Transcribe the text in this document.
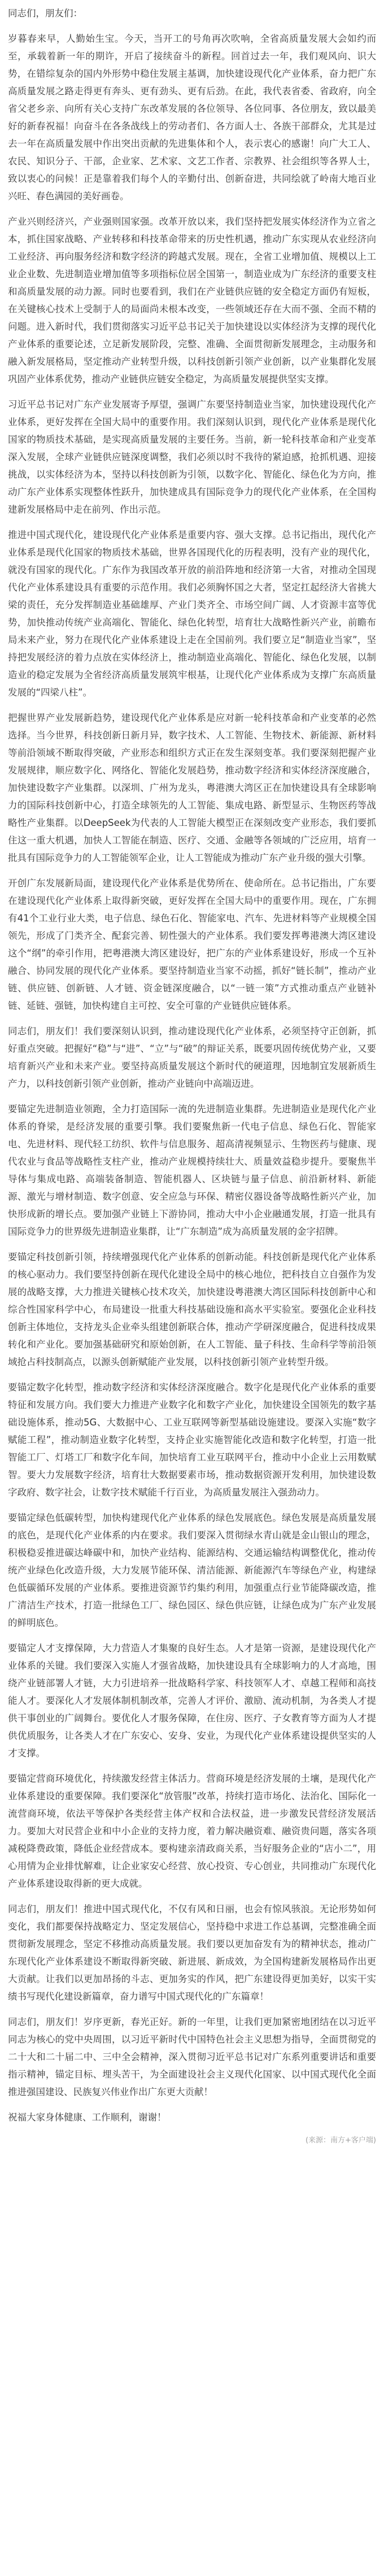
同志们，朋友们：

岁暮春来早，人勤始生宝。今天，当开工的号角再次吹响，全省高质量发展大会如约而至，承载着新一年的期许，开启了接续奋斗的新程。回首过去一年，我们观风向、识大势，在错综复杂的国内外形势中稳住发展主基调，加快建设现代化产业体系，奋力把广东高质量发展之路走得更有奔头、更有劲头、更有后劲。在此，我代表省委、省政府，向全省父老乡亲、向所有关心支持广东改革发展的各位领导、各位同事、各位朋友，致以最美好的新春祝福！向奋斗在各条战线上的劳动者们、各方面人士、各族干部群众，尤其是过去一年在高质量发展中作出突出贡献的先进集体和个人，表示衷心的感谢！向广大工人、农民、知识分子、干部，企业家、艺术家、文艺工作者、宗教界、社会组织等各界人士，致以衷心的问候！正是靠着我们每个人的辛勤付出、创新奋进，共同绘就了岭南大地百业兴旺、春色满园的美好画卷。

产业兴则经济兴，产业强则国家强。改革开放以来，我们坚持把发展实体经济作为立省之本，抓住国家战略、产业转移和科技革命带来的历史性机遇，推动广东实现从农业经济向工业经济、再向服务经济和数字经济的跨越式发展。现在，全省工业增加值、规模以上工业企业数、先进制造业增加值等多项指标位居全国第一，制造业成为广东经济的重要支柱和高质量发展的动力源。同时也要看到，我们在产业链供应链的安全稳定方面仍有短板，在关键核心技术上受制于人的局面尚未根本改变，一些领域还存在大而不强、全而不精的问题。进入新时代，我们贯彻落实习近平总书记关于加快建设以实体经济为支撑的现代化产业体系的重要论述，立足新发展阶段，完整、准确、全面贯彻新发展理念，主动服务和融入新发展格局，坚定推动产业转型升级，以科技创新引领产业创新，以产业集群化发展巩固产业体系优势，推动产业链供应链安全稳定，为高质量发展提供坚实支撑。

习近平总书记对广东产业发展寄予厚望，强调广东要坚持制造业当家，加快建设现代化产业体系，更好发挥在全国大局中的重要作用。我们深刻认识到，现代化产业体系是现代化国家的物质技术基础，是实现高质量发展的主要任务。当前，新一轮科技革命和产业变革深入发展，全球产业链供应链深度调整，我们必须以时不我待的紧迫感，抢抓机遇、迎接挑战，以实体经济为本，坚持以科技创新为引领，以数字化、智能化、绿色化为方向，推动广东产业体系实现整体性跃升，加快建成具有国际竞争力的现代化产业体系，在全国构建新发展格局中走在前列、作出示范。

推进中国式现代化，建设现代化产业体系是重要内容、强大支撑。总书记指出，现代化产业体系是现代化国家的物质技术基础，世界各国现代化的历程表明，没有产业的现代化，就没有国家的现代化。广东作为我国改革开放的前沿阵地和经济第一大省，对推动全国现代化产业体系建设具有重要的示范作用。我们必须胸怀国之大者，坚定扛起经济大省挑大梁的责任，充分发挥制造业基础雄厚、产业门类齐全、市场空间广阔、人才资源丰富等优势，加快推动传统产业高端化、智能化、绿色化转型，培育壮大战略性新兴产业，前瞻布局未来产业，努力在现代化产业体系建设上走在全国前列。我们要立足“制造业当家”，坚持把发展经济的着力点放在实体经济上，推动制造业高端化、智能化、绿色化发展，以制造业的稳定发展为全省经济高质量发展筑牢根基，让现代化产业体系成为支撑广东高质量发展的“四梁八柱”。

把握世界产业发展新趋势，建设现代化产业体系是应对新一轮科技革命和产业变革的必然选择。当今世界，科技创新日新月异，数字技术、人工智能、生物技术、新能源、新材料等前沿领域不断取得突破，产业形态和组织方式正在发生深刻变革。我们要深刻把握产业发展规律，顺应数字化、网络化、智能化发展趋势，推动数字经济和实体经济深度融合，加快建设数字产业集群。以深圳、广州为龙头，粤港澳大湾区正在加快建设具有全球影响力的国际科技创新中心，打造全球领先的人工智能、集成电路、新型显示、生物医药等战略性产业集群。以DeepSeek为代表的人工智能大模型正在深刻改变产业形态，我们要抓住这一重大机遇，加快人工智能在制造、医疗、交通、金融等各领域的广泛应用，培育一批具有国际竞争力的人工智能领军企业，让人工智能成为推动广东产业升级的强大引擎。

开创广东发展新局面，建设现代化产业体系是优势所在、使命所在。总书记指出，广东要在建设现代化产业体系上取得新突破，更好发挥在全国大局中的重要作用。现在，广东拥有41个工业行业大类，电子信息、绿色石化、智能家电、汽车、先进材料等产业规模全国领先，形成了门类齐全、配套完善、韧性强大的产业体系。我们要发挥粤港澳大湾区建设这个“纲”的牵引作用，把粤港澳大湾区建设好，把广东的产业体系建设好，形成一个互补融合、协同发展的现代化产业体系。要坚持制造业当家不动摇，抓好“链长制”，推动产业链、供应链、创新链、人才链、资金链深度融合，以“一链一策”方式推动重点产业链补链、延链、强链，加快构建自主可控、安全可靠的产业链供应链体系。

同志们，朋友们！我们要深刻认识到，推动建设现代化产业体系，必须坚持守正创新，抓好重点突破。把握好“稳”与“进”、“立”与“破”的辩证关系，既要巩固传统优势产业，又要培育新兴产业和未来产业。要坚持高质量发展这个新时代的硬道理，因地制宜发展新质生产力，以科技创新引领产业创新，推动产业链向中高端迈进。

要锚定先进制造业领跑，全力打造国际一流的先进制造业集群。先进制造业是现代化产业体系的脊梁，是经济发展的重要引擎。我们要聚焦新一代电子信息、绿色石化、智能家电、先进材料、现代轻工纺织、软件与信息服务、超高清视频显示、生物医药与健康、现代农业与食品等战略性支柱产业，推动产业规模持续壮大、质量效益稳步提升。要聚焦半导体与集成电路、高端装备制造、智能机器人、区块链与量子信息、前沿新材料、新能源、激光与增材制造、数字创意、安全应急与环保、精密仪器设备等战略性新兴产业，加快形成新的增长点。要加强产业链上下游协同，推动大中小企业融通发展，打造一批具有国际竞争力的世界级先进制造业集群，让“广东制造”成为高质量发展的金字招牌。

要锚定科技创新引领，持续增强现代化产业体系的创新动能。科技创新是现代化产业体系的核心驱动力。我们要坚持创新在现代化建设全局中的核心地位，把科技自立自强作为发展的战略支撑，大力推进关键核心技术攻关，加快建设粤港澳大湾区国际科技创新中心和综合性国家科学中心，布局建设一批重大科技基础设施和高水平实验室。要强化企业科技创新主体地位，支持龙头企业牵头组建创新联合体，推动产学研深度融合，促进科技成果转化和产业化。要加强基础研究和原始创新，在人工智能、量子科技、生命科学等前沿领域抢占科技制高点，以源头创新赋能产业发展，以科技创新引领产业转型升级。

要锚定数字化转型，推动数字经济和实体经济深度融合。数字化是现代化产业体系的重要特征和发展方向。我们要大力推进产业数字化和数字产业化，加快建设全国领先的数字基础设施体系，推动5G、大数据中心、工业互联网等新型基础设施建设。要深入实施“数字赋能工程”，推动制造业数字化转型，支持企业实施智能化改造和数字化转型，打造一批智能工厂、灯塔工厂和数字化车间，加快培育工业互联网平台，推动中小企业上云用数赋智。要大力发展数字经济，培育壮大数据要素市场，推动数据资源开发利用，加快建设数字政府、数字社会，让数字技术赋能千行百业，为高质量发展注入强劲动力。

要锚定绿色低碳转型，加快构建现代化产业体系的绿色发展底色。绿色发展是高质量发展的底色，是现代化产业体系的内在要求。我们要深入贯彻绿水青山就是金山银山的理念，积极稳妥推进碳达峰碳中和，加快产业结构、能源结构、交通运输结构调整优化，推动传统产业绿色化改造升级，大力发展节能环保、清洁能源、新能源汽车等绿色产业，构建绿色低碳循环发展的产业体系。要推进资源节约集约利用，加强重点行业节能降碳改造，推广清洁生产技术，打造一批绿色工厂、绿色园区、绿色供应链，让绿色成为广东产业发展的鲜明底色。

要锚定人才支撑保障，大力营造人才集聚的良好生态。人才是第一资源，是建设现代化产业体系的关键。我们要深入实施人才强省战略，加快建设具有全球影响力的人才高地，围绕产业链部署人才链，大力引进培养一批战略科学家、科技领军人才、卓越工程师和高技能人才。要深化人才发展体制机制改革，完善人才评价、激励、流动机制，为各类人才提供干事创业的广阔舞台。要优化人才服务保障，在住房、医疗、子女教育等方面为人才提供优质服务，让各类人才在广东安心、安身、安业，为现代化产业体系建设提供坚实的人才支撑。

要锚定营商环境优化，持续激发经营主体活力。营商环境是经济发展的土壤，是现代化产业体系建设的重要保障。我们要深化“放管服”改革，持续打造市场化、法治化、国际化一流营商环境，依法平等保护各类经营主体产权和合法权益，进一步激发民营经济发展活力。要加大对民营企业和中小企业的支持力度，着力解决融资难、融资贵问题，落实各项减税降费政策，降低企业经营成本。要构建亲清政商关系，当好服务企业的“店小二”，用心用情为企业排忧解难，让企业家安心经营、放心投资、专心创业，共同推动广东现代化产业体系建设取得新的更大成就。

同志们，朋友们！推进中国式现代化，不仅有风和日丽，也会有惊风骇浪。无论形势如何变化，我们都要保持战略定力、坚定发展信心，坚持稳中求进工作总基调，完整准确全面贯彻新发展理念，坚定不移推动高质量发展。我们要以更加奋发有为的精神状态，推动广东现代化产业体系建设不断取得新突破、新进展、新成效，为全国构建新发展格局作出更大贡献。让我们以更加昂扬的斗志、更加务实的作风，把广东建设得更加美好，以实干实绩书写现代化建设新篇章，奋力谱写中国式现代化的广东篇章！

同志们，朋友们！岁序更新，春光正好。新的一年里，让我们更加紧密地团结在以习近平同志为核心的党中央周围，以习近平新时代中国特色社会主义思想为指导，全面贯彻党的二十大和二十届二中、三中全会精神，深入贯彻习近平总书记对广东系列重要讲话和重要指示精神，锚定目标、埋头苦干，为全面建设社会主义现代化国家、以中国式现代化全面推进强国建设、民族复兴伟业作出广东更大贡献！

祝福大家身体健康、工作顺利，谢谢！

(来源：南方+客户端)
